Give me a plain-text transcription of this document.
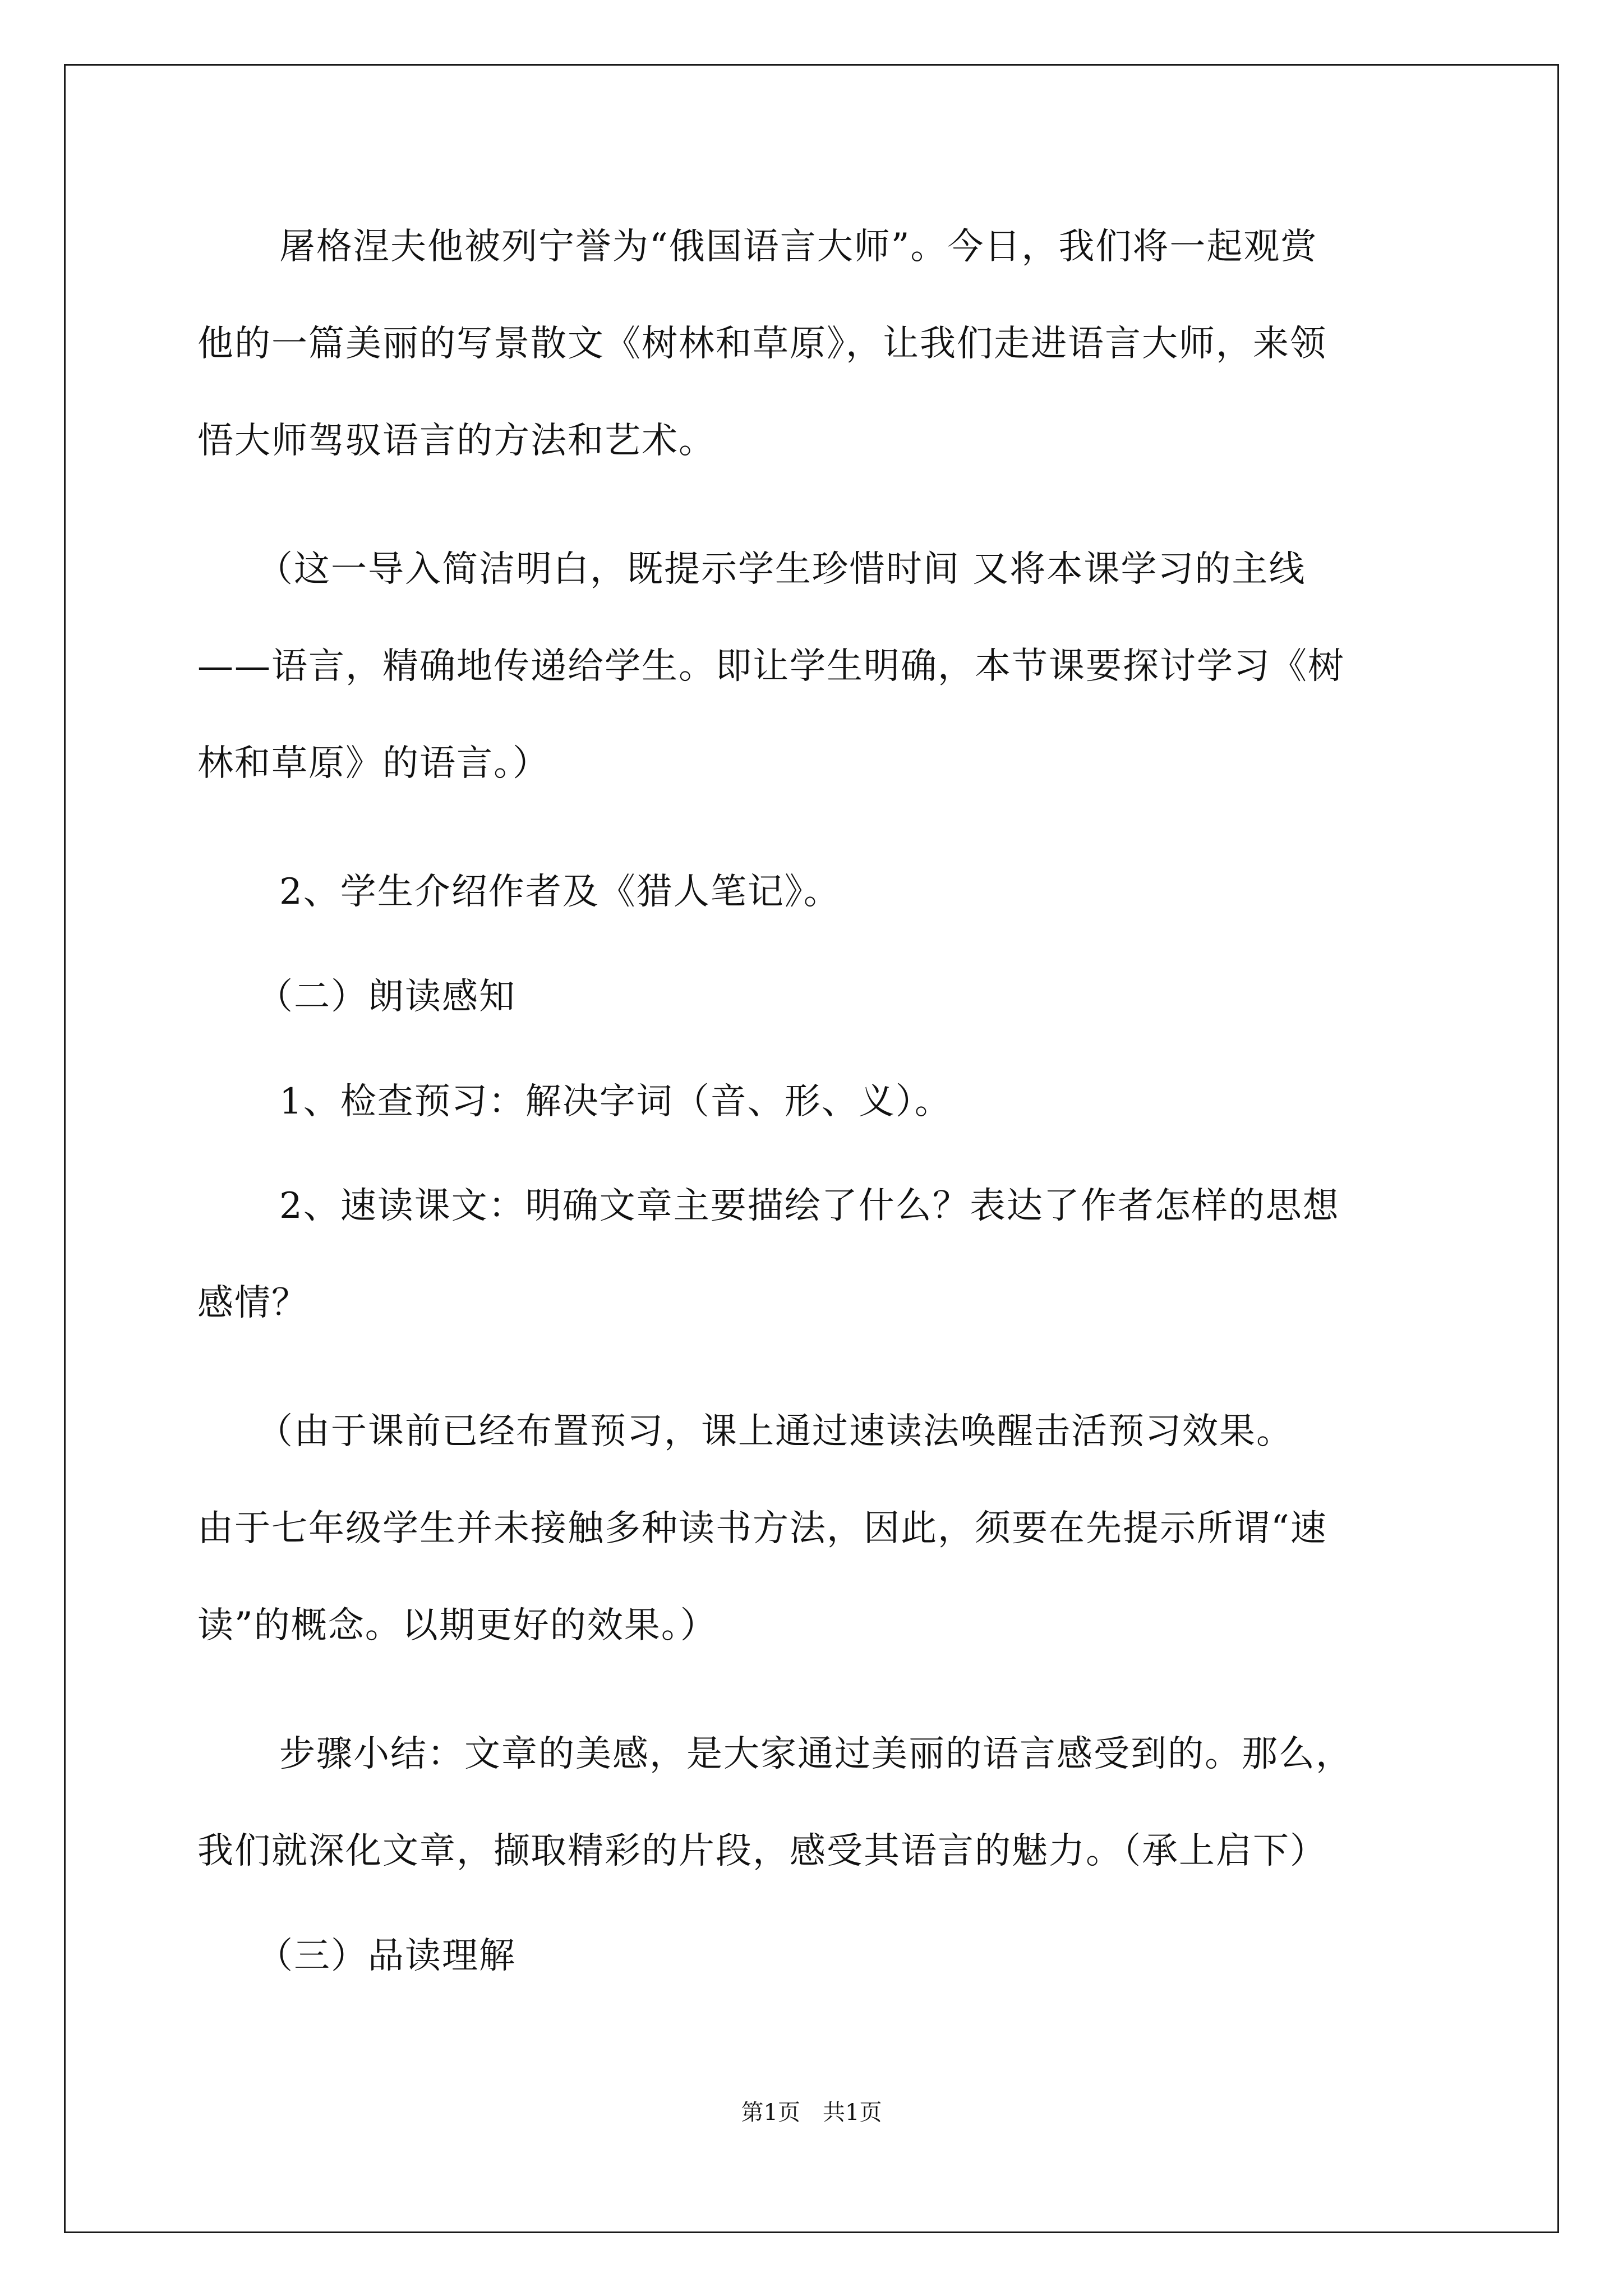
屠格涅夫他被列宁誉为“俄国语言大师”。今日，我们将一起观赏
他的一篇美丽的写景散文《树林和草原》，让我们走进语言大师，来领
悟大师驾驭语言的方法和艺术。
（这一导入简洁明白，既提示学生珍惜时间 又将本课学习的主线
——语言，精确地传递给学生。即让学生明确，本节课要探讨学习《树
林和草原》的语言。）
2、学生介绍作者及《猎人笔记》。
（二）朗读感知
1、检查预习：解决字词（音、形、义）。
2、速读课文：明确文章主要描绘了什么？表达了作者怎样的思想
感情？
（由于课前已经布置预习，课上通过速读法唤醒击活预习效果。
由于七年级学生并未接触多种读书方法，因此，须要在先提示所谓“速
读”的概念。以期更好的效果。）
步骤小结：文章的美感，是大家通过美丽的语言感受到的。那么，
我们就深化文章，撷取精彩的片段，感受其语言的魅力。（承上启下）
（三）品读理解
第1页　共1页
